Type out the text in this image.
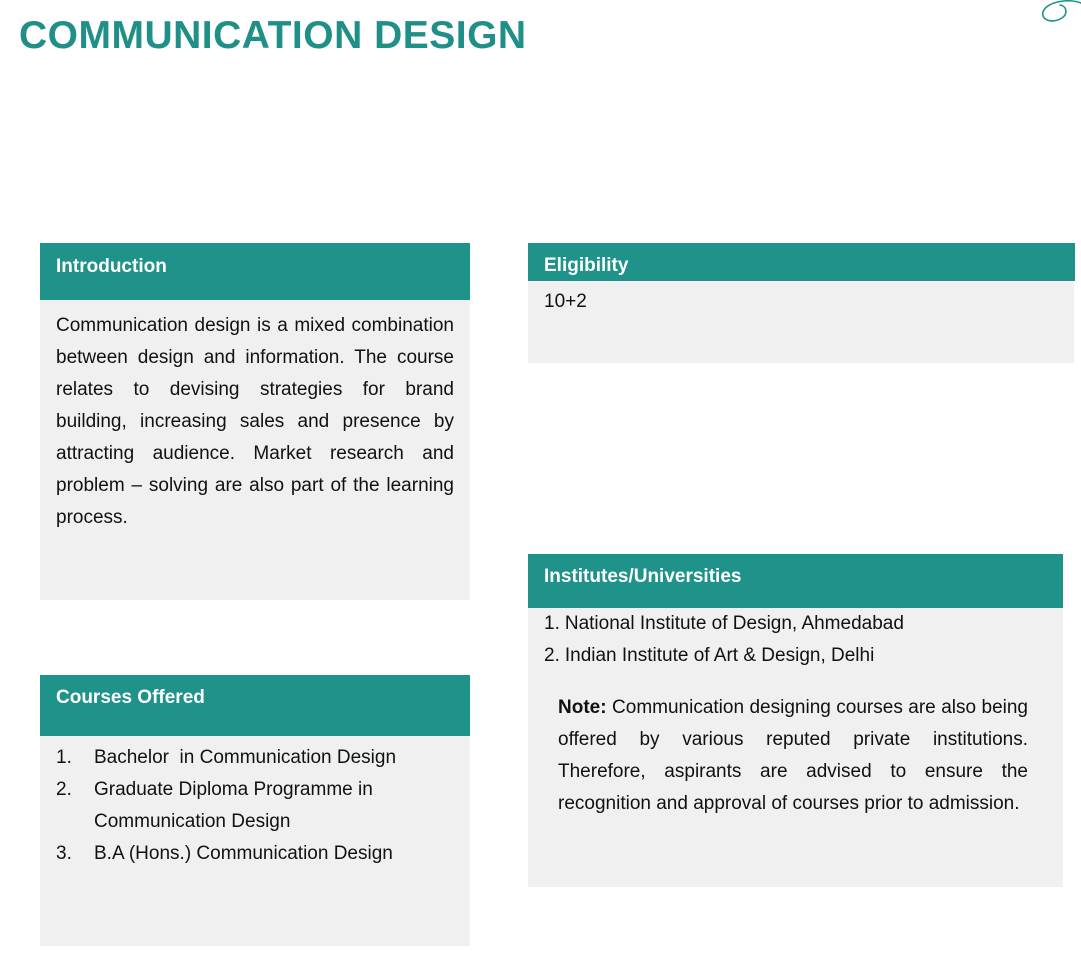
COMMUNICATION DESIGN
Introduction
Communication design is a mixed combination between design and information. The course relates to devising strategies for brand building, increasing sales and presence by attracting audience. Market research and problem – solving are also part of the learning process.
Eligibility
10+2
Institutes/Universities
1. National Institute of Design, Ahmedabad
2. Indian Institute of Art & Design, Delhi

Note: Communication designing courses are also being offered by various reputed private institutions. Therefore, aspirants are advised to ensure the recognition and approval of courses prior to admission.

Courses Offered
1.	Bachelor  in Communication Design
2.	Graduate Diploma Programme in Communication Design
3.	B.A (Hons.) Communication Design
